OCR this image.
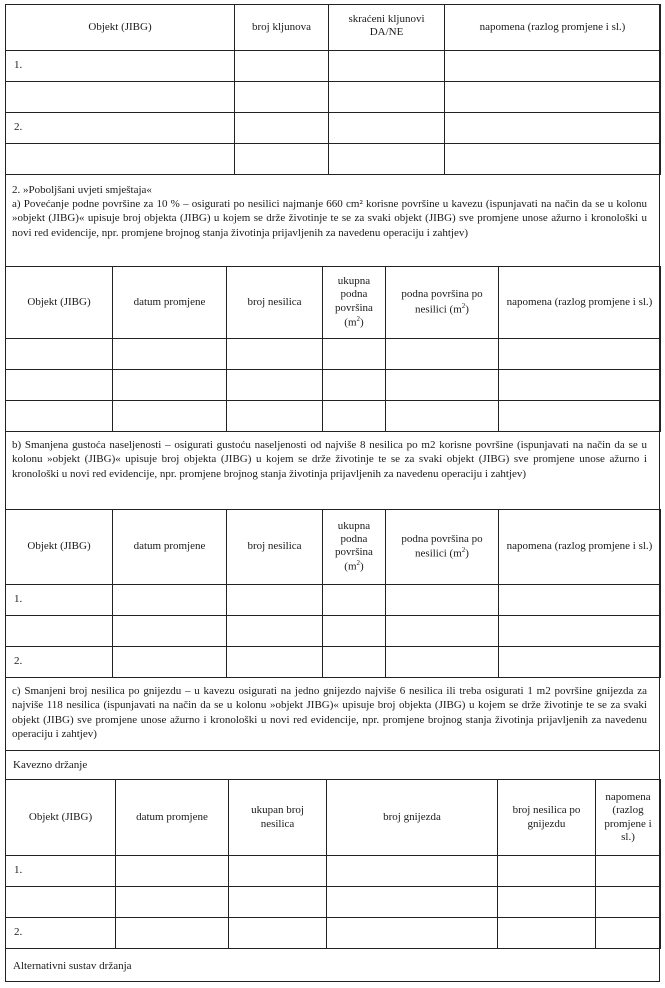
Objekt (JIBG)	broj kljunova	skraćeni kljunovi DA/NE	napomena (razlog promjene i sl.)
1.			

2.			

2. »Poboljšani uvjeti smještaja«
a) Povećanje podne površine za 10 % – osigurati po nesilici najmanje 660 cm² korisne površine u kavezu (ispunjavati na način da se u kolonu »objekt (JIBG)« upisuje broj objekta (JIBG) u kojem se drže životinje te se za svaki objekt (JIBG) sve promjene unose ažurno i kronološki u novi red evidencije, npr. promjene brojnog stanja životinja prijavljenih za navedenu operaciju i zahtjev)
Objekt (JIBG)	datum promjene	broj nesilica	ukupna podna površina $(m^2)$	podna površina po nesilici $(m^2)$	napomena (razlog promjene i sl.)

b) Smanjena gustoća naseljenosti – osigurati gustoću naseljenosti od najviše 8 nesilica po m2 korisne površine (ispunjavati na način da se u kolonu »objekt (JIBG)« upisuje broj objekta (JIBG) u kojem se drže životinje te se za svaki objekt (JIBG) sve promjene unose ažurno i kronološki u novi red evidencije, npr. promjene brojnog stanja životinja prijavljenih za navedenu operaciju i zahtjev)
Objekt (JIBG)	datum promjene	broj nesilica	ukupna podna površina $(m^2)$	podna površina po nesilici $(m^2)$	napomena (razlog promjene i sl.)
1.					

2.					
c) Smanjeni broj nesilica po gnijezdu – u kavezu osigurati na jedno gnijezdo najviše 6 nesilica ili treba osigurati 1 m2 površine gnijezda za najviše 118 nesilica (ispunjavati na način da se u kolonu »objekt JIBG)« upisuje broj objekta (JIBG) u kojem se drže životinje te se za svaki objekt (JIBG) sve promjene unose ažurno i kronološki u novi red evidencije, npr. promjene brojnog stanja životinja prijavljenih za navedenu operaciju i zahtjev)
Kavezno držanje
Objekt (JIBG)	datum promjene	ukupan broj nesilica	broj gnijezda	broj nesilica po gnijezdu	napomena (razlog promjene i sl.)
1.					

2.					
Alternativni sustav držanja
